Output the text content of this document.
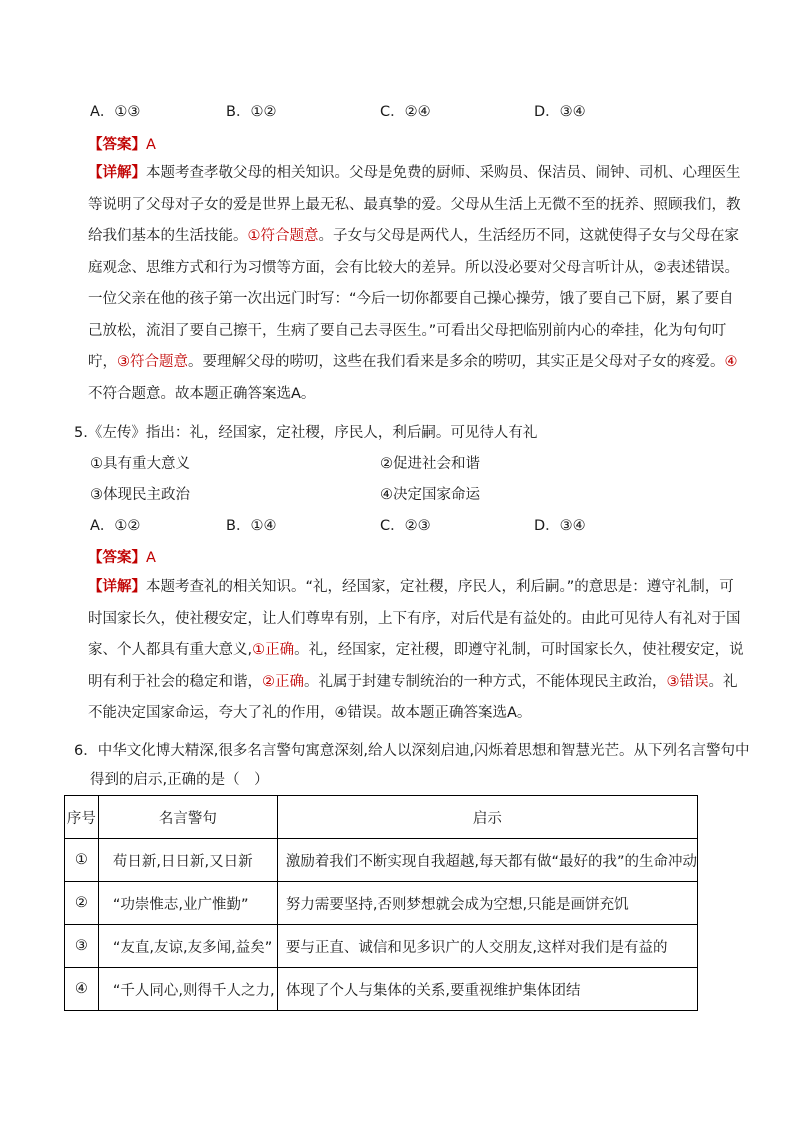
A．①③	B．①②	C．②④	D．③④
【答案】A
【详解】本题考查孝敬父母的相关知识。父母是免费的厨师、采购员、保洁员、闹钟、司机、心理医生
等说明了父母对子女的爱是世界上最无私、最真挚的爱。父母从生活上无微不至的抚养、照顾我们，教
给我们基本的生活技能。①符合题意。子女与父母是两代人，生活经历不同，这就使得子女与父母在家
庭观念、思维方式和行为习惯等方面，会有比较大的差异。所以没必要对父母言听计从，②表述错误。
一位父亲在他的孩子第一次出远门时写：“今后一切你都要自己操心操劳，饿了要自己下厨，累了要自
己放松，流泪了要自己擦干，生病了要自己去寻医生。”可看出父母把临别前内心的牵挂，化为句句叮
咛，③符合题意。要理解父母的唠叨，这些在我们看来是多余的唠叨，其实正是父母对子女的疼爱。④
不符合题意。故本题正确答案选A。
5.《左传》指出：礼，经国家，定社稷，序民人，利后嗣。可见待人有礼
①具有重大意义	②促进社会和谐
③体现民主政治	④决定国家命运
A．①②	B．①④	C．②③	D．③④
【答案】A
【详解】本题考查礼的相关知识。“礼，经国家，定社稷，序民人，利后嗣。”的意思是：遵守礼制，可
时国家长久，使社稷安定，让人们尊卑有别，上下有序，对后代是有益处的。由此可见待人有礼对于国
家、个人都具有重大意义,①正确。礼，经国家，定社稷，即遵守礼制，可时国家长久，使社稷安定，说
明有利于社会的稳定和谐，②正确。礼属于封建专制统治的一种方式，不能体现民主政治，③错误。礼
不能决定国家命运，夸大了礼的作用，④错误。故本题正确答案选A。
6．中华文化博大精深,很多名言警句寓意深刻,给人以深刻启迪,闪烁着思想和智慧光芒。从下列名言警句中
得到的启示,正确的是（　）
序号	名言警句	启示
①	苟日新,日日新,又日新	激励着我们不断实现自我超越,每天都有做“最好的我”的生命冲动
②	“功崇惟志,业广惟勤”	努力需要坚持,否则梦想就会成为空想,只能是画饼充饥
③	“友直,友谅,友多闻,益矣”	要与正直、诚信和见多识广的人交朋友,这样对我们是有益的
④	“千人同心,则得千人之力,	体现了个人与集体的关系,要重视维护集体团结
